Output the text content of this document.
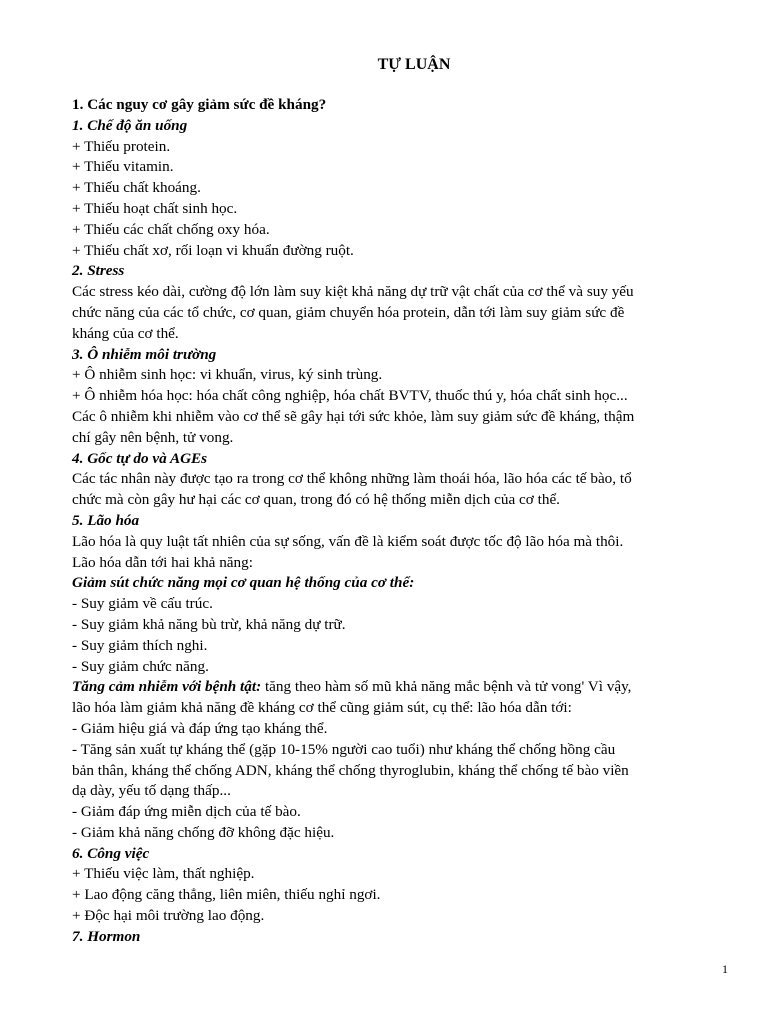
TỰ LUẬN
1. Các nguy cơ gây giảm sức đề kháng?
1. Chế độ ăn uống
+ Thiếu protein.
+ Thiếu vitamin.
+ Thiếu chất khoáng.
+ Thiếu hoạt chất sinh học.
+ Thiếu các chất chống oxy hóa.
+ Thiếu chất xơ, rối loạn vi khuẩn đường ruột.
2. Stress
Các stress kéo dài, cường độ lớn làm suy kiệt khả năng dự trữ vật chất của cơ thể và suy yếu
chức năng của các tổ chức, cơ quan, giảm chuyển hóa protein, dẫn tới làm suy giảm sức đề
kháng của cơ thể.
3. Ô nhiễm môi trường
+ Ô nhiễm sinh học: vi khuẩn, virus, ký sinh trùng.
+ Ô nhiễm hóa học: hóa chất công nghiệp, hóa chất BVTV, thuốc thú y, hóa chất sinh học...
Các ô nhiễm khi nhiễm vào cơ thể sẽ gây hại tới sức khỏe, làm suy giảm sức đề kháng, thậm
chí gây nên bệnh, tử vong.
4. Gốc tự do và AGEs
Các tác nhân này được tạo ra trong cơ thể không những làm thoái hóa, lão hóa các tế bào, tổ
chức mà còn gây hư hại các cơ quan, trong đó có hệ thống miễn dịch của cơ thể.
5. Lão hóa
Lão hóa là quy luật tất nhiên của sự sống, vấn đề là kiểm soát được tốc độ lão hóa mà thôi.
Lão hóa dẫn tới hai khả năng:
Giảm sút chức năng mọi cơ quan hệ thống của cơ thể:
- Suy giảm về cấu trúc.
- Suy giảm khả năng bù trừ, khả năng dự trữ.
- Suy giảm thích nghi.
- Suy giảm chức năng.
Tăng cảm nhiễm với bệnh tật: tăng theo hàm số mũ khả năng mắc bệnh và tử vong' Vì vậy,
lão hóa làm giảm khả năng đề kháng cơ thể cũng giảm sút, cụ thể: lão hóa dẫn tới:
- Giảm hiệu giá và đáp ứng tạo kháng thể.
- Tăng sản xuất tự kháng thể (gặp 10-15% người cao tuổi) như kháng thể chống hồng cầu
bản thân, kháng thể chống ADN, kháng thể chống thyroglubin, kháng thể chống tế bào viền
dạ dày, yếu tố dạng thấp...
- Giảm đáp ứng miễn dịch của tế bào.
- Giảm khả năng chống đỡ không đặc hiệu.
6. Công việc
+ Thiếu việc làm, thất nghiệp.
+ Lao động căng thẳng, liên miên, thiếu nghỉ ngơi.
+ Độc hại môi trường lao động.
7. Hormon
1
